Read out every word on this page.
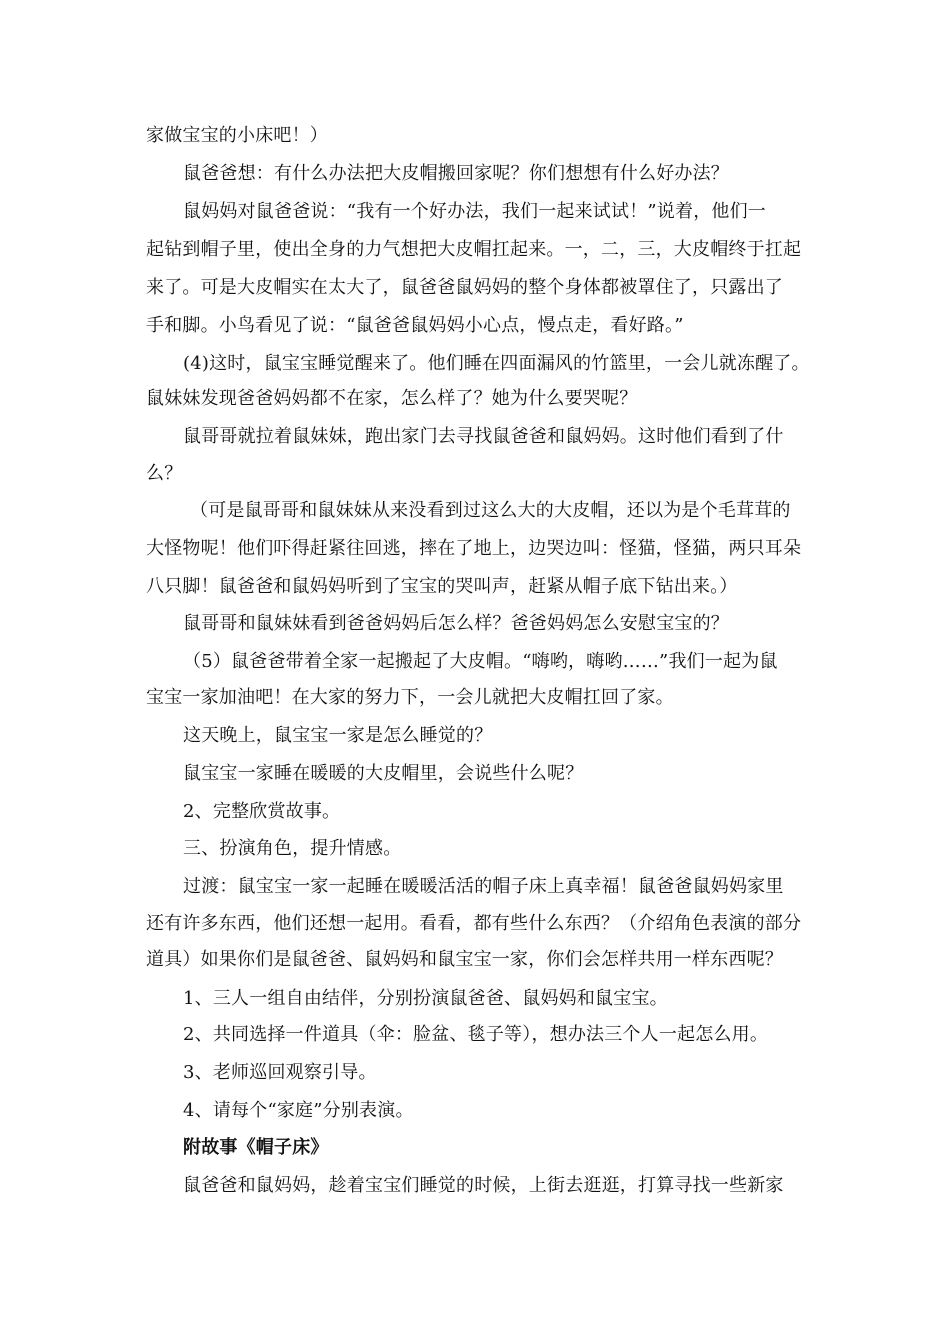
家做宝宝的小床吧！）
鼠爸爸想：有什么办法把大皮帽搬回家呢？你们想想有什么好办法？
鼠妈妈对鼠爸爸说：“我有一个好办法，我们一起来试试！”说着，他们一
起钻到帽子里，使出全身的力气想把大皮帽扛起来。一，二，三，大皮帽终于扛起
来了。可是大皮帽实在太大了，鼠爸爸鼠妈妈的整个身体都被罩住了，只露出了
手和脚。小鸟看见了说：“鼠爸爸鼠妈妈小心点，慢点走，看好路。”
(4)这时，鼠宝宝睡觉醒来了。他们睡在四面漏风的竹篮里，一会儿就冻醒了。
鼠妹妹发现爸爸妈妈都不在家，怎么样了？她为什么要哭呢？
鼠哥哥就拉着鼠妹妹，跑出家门去寻找鼠爸爸和鼠妈妈。这时他们看到了什
么？
（可是鼠哥哥和鼠妹妹从来没看到过这么大的大皮帽，还以为是个毛茸茸的
大怪物呢！他们吓得赶紧往回逃，摔在了地上，边哭边叫：怪猫，怪猫，两只耳朵
八只脚！鼠爸爸和鼠妈妈听到了宝宝的哭叫声，赶紧从帽子底下钻出来。）
鼠哥哥和鼠妹妹看到爸爸妈妈后怎么样？爸爸妈妈怎么安慰宝宝的？
（5）鼠爸爸带着全家一起搬起了大皮帽。“嗨哟，嗨哟……”我们一起为鼠
宝宝一家加油吧！在大家的努力下，一会儿就把大皮帽扛回了家。
这天晚上，鼠宝宝一家是怎么睡觉的？
鼠宝宝一家睡在暖暖的大皮帽里，会说些什么呢？
2、完整欣赏故事。
三、扮演角色，提升情感。
过渡：鼠宝宝一家一起睡在暖暖活活的帽子床上真幸福！鼠爸爸鼠妈妈家里
还有许多东西，他们还想一起用。看看，都有些什么东西？（介绍角色表演的部分
道具）如果你们是鼠爸爸、鼠妈妈和鼠宝宝一家，你们会怎样共用一样东西呢？
1、三人一组自由结伴，分别扮演鼠爸爸、鼠妈妈和鼠宝宝。
2、共同选择一件道具（伞：脸盆、毯子等），想办法三个人一起怎么用。
3、老师巡回观察引导。
4、请每个“家庭”分别表演。
附故事《帽子床》
鼠爸爸和鼠妈妈，趁着宝宝们睡觉的时候，上街去逛逛，打算寻找一些新家
